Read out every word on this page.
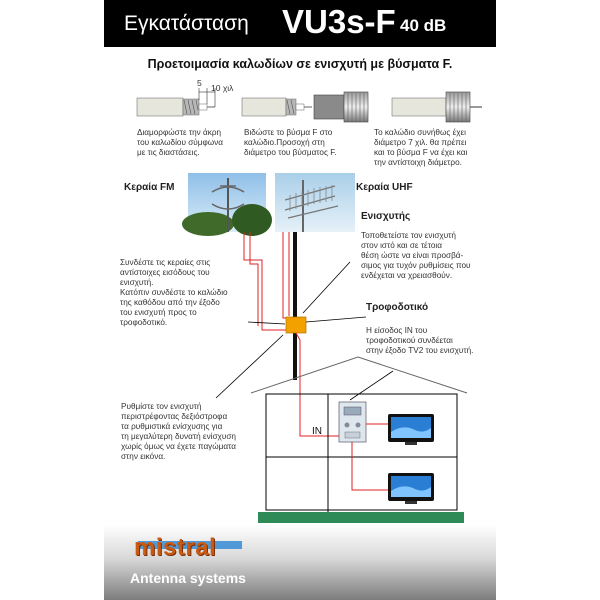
Εγκατάσταση VU3s-F 40 dB
Προετοιμασία καλωδίων σε ενισχυτή με βύσματα F.
5 10 χιλ
Διαμορφώστε την άκρη
του καλωδίου σύμφωνα
με τις διαστάσεις.
Βιδώστε το βύσμα F στο
καλώδιο.Προσοχή στη
διάμετρο του βύσματος F.
Το καλώδιο συνήθως έχει
διάμετρο 7 χιλ. θα πρέπει
και το βύσμα F να έχει και
την αντίστοιχη διάμετρο.
Κεραία FM	Κεραία UHF
Ενισχυτής
Τοποθετείστε τον ενισχυτή
στον ιστό και σε τέτοια
θέση ώστε να είναι προσβά-
σιμος για τυχόν ρυθμίσεις που
ενδέχεται να χρειασθούν.
Συνδέστε τις κεραίες στις
αντίστοιχες εισόδους του
ενισχυτή.
Κατόπιν συνδέστε το καλώδιο
της καθόδου από την έξοδο
του ενισχυτή προς το
τροφοδοτικό.
Τροφοδοτικό
Η είσοδος IN του
τροφοδοτικού συνδέεται
στην έξοδο TV2 του ενισχυτή.
Ρυθμίστε τον ενισχυτή
περιστρέφοντας δεξιόστροφα
τα ρυθμιστικά ενίσχυσης για
τη μεγαλύτερη δυνατή ενίσχυση
χωρίς όμως να έχετε παγώματα
στην εικόνα.
IN
mistral
Antenna systems
